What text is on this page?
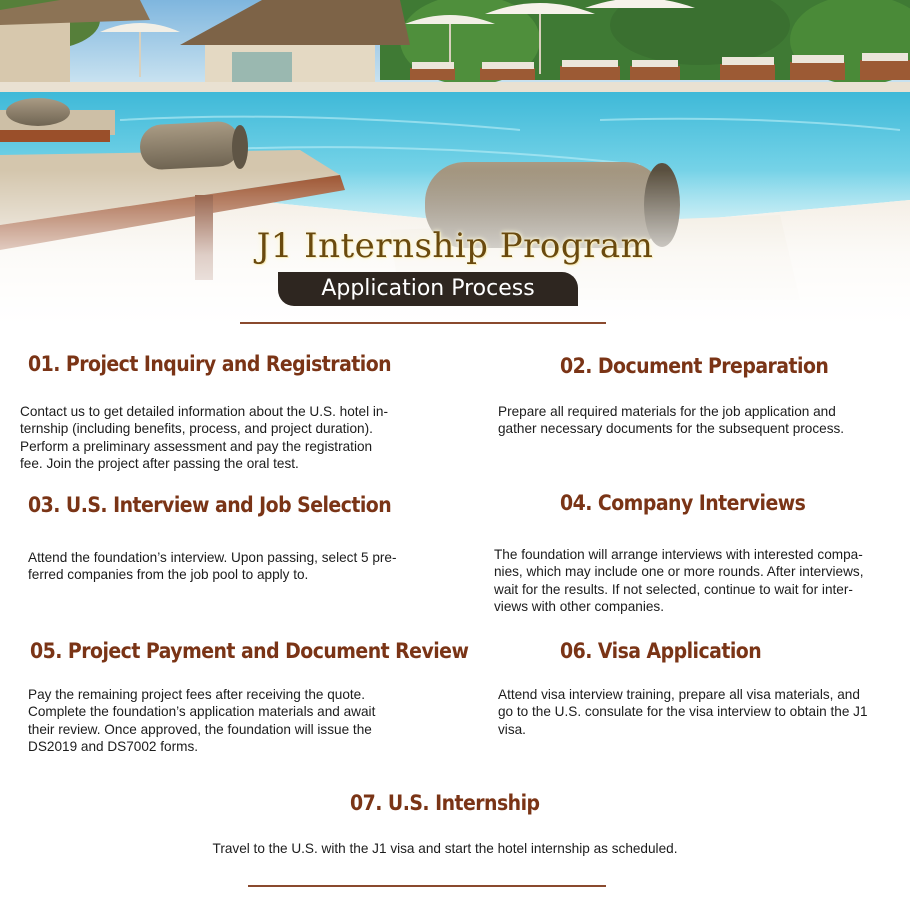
J1 Internship Program
Application Process
01. Project Inquiry and Registration
Contact us to get detailed information about the U.S. hotel in-
ternship (including benefits, process, and project duration).
Perform a preliminary assessment and pay the registration
fee. Join the project after passing the oral test.
02. Document Preparation
Prepare all required materials for the job application and
gather necessary documents for the subsequent process.
03. U.S. Interview and Job Selection
Attend the foundation’s interview. Upon passing, select 5 pre-
ferred companies from the job pool to apply to.
04. Company Interviews
The foundation will arrange interviews with interested compa-
nies, which may include one or more rounds. After interviews,
wait for the results. If not selected, continue to wait for inter-
views with other companies.
05. Project Payment and Document Review
Pay the remaining project fees after receiving the quote.
Complete the foundation’s application materials and await
their review. Once approved, the foundation will issue the
DS2019 and DS7002 forms.
06. Visa Application
Attend visa interview training, prepare all visa materials, and
go to the U.S. consulate for the visa interview to obtain the J1
visa.
07. U.S. Internship
Travel to the U.S. with the J1 visa and start the hotel internship as scheduled.
